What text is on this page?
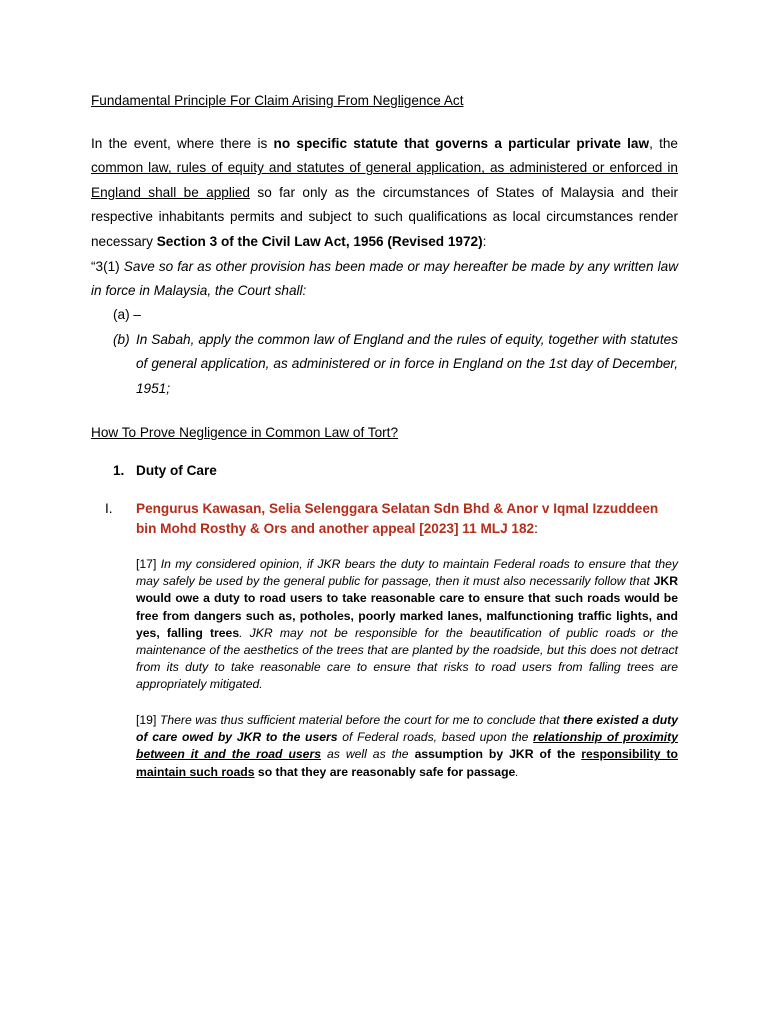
Fundamental Principle For Claim Arising From Negligence Act
In the event, where there is no specific statute that governs a particular private law, the common law, rules of equity and statutes of general application, as administered or enforced in England shall be applied so far only as the circumstances of States of Malaysia and their respective inhabitants permits and subject to such qualifications as local circumstances render necessary Section 3 of the Civil Law Act, 1956 (Revised 1972):
“3(1) Save so far as other provision has been made or may hereafter be made by any written law in force in Malaysia, the Court shall:
(a) –
(b) In Sabah, apply the common law of England and the rules of equity, together with statutes of general application, as administered or in force in England on the 1st day of December, 1951;
How To Prove Negligence in Common Law of Tort?
1. Duty of Care
I. Pengurus Kawasan, Selia Selenggara Selatan Sdn Bhd & Anor v Iqmal Izzuddeen bin Mohd Rosthy & Ors and another appeal [2023] 11 MLJ 182:
[17] In my considered opinion, if JKR bears the duty to maintain Federal roads to ensure that they may safely be used by the general public for passage, then it must also necessarily follow that JKR would owe a duty to road users to take reasonable care to ensure that such roads would be free from dangers such as, potholes, poorly marked lanes, malfunctioning traffic lights, and yes, falling trees. JKR may not be responsible for the beautification of public roads or the maintenance of the aesthetics of the trees that are planted by the roadside, but this does not detract from its duty to take reasonable care to ensure that risks to road users from falling trees are appropriately mitigated.
[19] There was thus sufficient material before the court for me to conclude that there existed a duty of care owed by JKR to the users of Federal roads, based upon the relationship of proximity between it and the road users as well as the assumption by JKR of the responsibility to maintain such roads so that they are reasonably safe for passage.
